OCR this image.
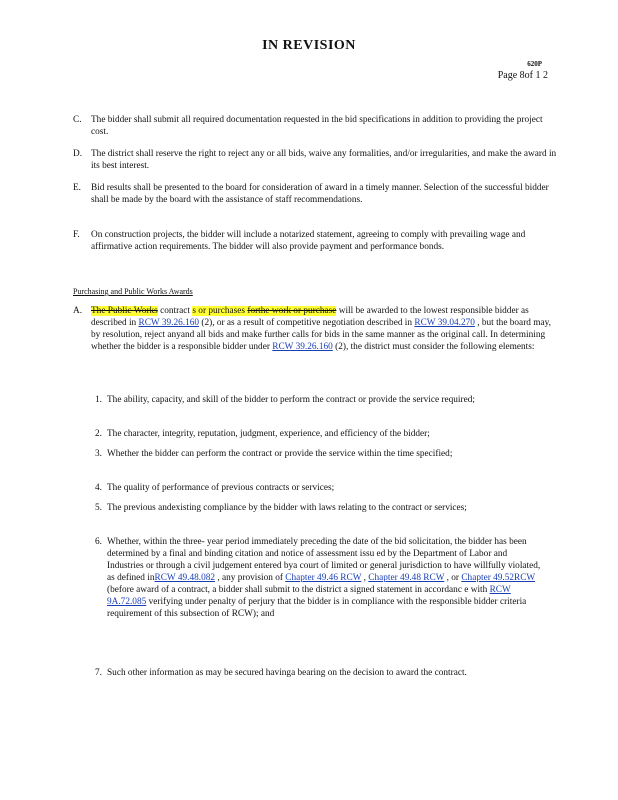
IN REVISION
620P
Page 8of 1 2
C. The bidder shall submit all required documentation requested in the bid specifications in addition to providing the project cost.
D. The district shall reserve the right to reject any or all bids, waive any formalities, and/or irregularities, and make the award in its best interest.
E. Bid results shall be presented to the board for consideration of award in a timely manner. Selection of the successful bidder shall be made by the board with the assistance of staff recommendations.
F. On construction projects, the bidder will include a notarized statement, agreeing to comply with prevailing wage and affirmative action requirements. The bidder will also provide payment and performance bonds.
Purchasing and Public Works Awards
A. The Public Works contract s or purchases forthe work or purchase will be awarded to the lowest responsible bidder as described in RCW 39.26.160 (2), or as a result of competitive negotiation described in RCW 39.04.270 , but the board may, by resolution, reject anyand all bids and make further calls for bids in the same manner as the original call. In determining whether the bidder is a responsible bidder under RCW 39.26.160 (2), the district must consider the following elements:
1. The ability, capacity, and skill of the bidder to perform the contract or provide the service required;
2. The character, integrity, reputation, judgment, experience, and efficiency of the bidder;
3. Whether the bidder can perform the contract or provide the service within the time specified;
4. The quality of performance of previous contracts or services;
5. The previous andexisting compliance by the bidder with laws relating to the contract or services;
6. Whether, within the three- year period immediately preceding the date of the bid solicitation, the bidder has been determined by a final and binding citation and notice of assessment issu ed by the Department of Labor and Industries or through a civil judgement entered bya court of limited or general jurisdiction to have willfully violated, as defined inRCW 49.48.082 , any provision of Chapter 49.46 RCW , Chapter 49.48 RCW , or Chapter 49.52RCW (before award of a contract, a bidder shall submit to the district a signed statement in accordanc e with RCW 9A.72.085 verifying under penalty of perjury that the bidder is in compliance with the responsible bidder criteria requirement of this subsection of RCW); and
7. Such other information as may be secured havinga bearing on the decision to award the contract.
